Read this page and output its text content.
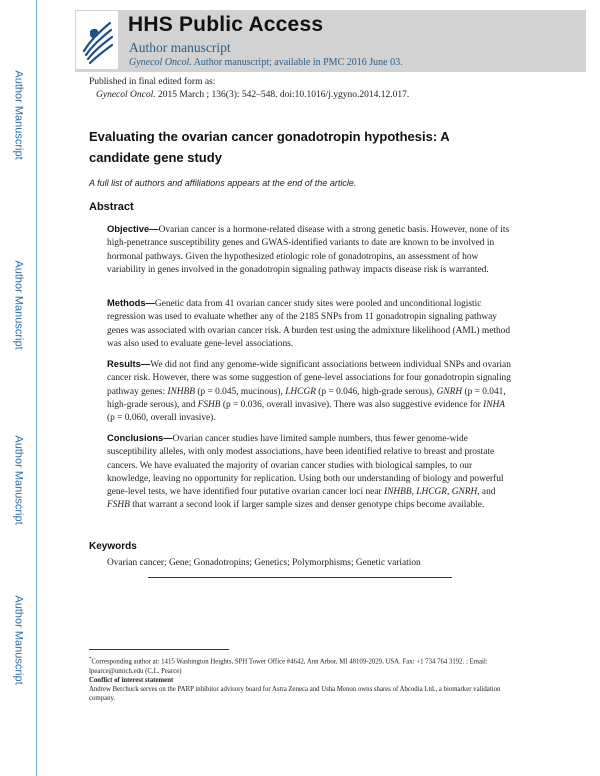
Author Manuscript
Author Manuscript
Author Manuscript
Author Manuscript
HHS Public Access
Author manuscript
Gynecol Oncol. Author manuscript; available in PMC 2016 June 03.
Published in final edited form as:
Gynecol Oncol. 2015 March ; 136(3): 542–548. doi:10.1016/j.ygyno.2014.12.017.
Evaluating the ovarian cancer gonadotropin hypothesis: A candidate gene study
A full list of authors and affiliations appears at the end of the article.
Abstract
Objective—Ovarian cancer is a hormone-related disease with a strong genetic basis. However, none of its high-penetrance susceptibility genes and GWAS-identified variants to date are known to be involved in hormonal pathways. Given the hypothesized etiologic role of gonadotropins, an assessment of how variability in genes involved in the gonadotropin signaling pathway impacts disease risk is warranted.
Methods—Genetic data from 41 ovarian cancer study sites were pooled and unconditional logistic regression was used to evaluate whether any of the 2185 SNPs from 11 gonadotropin signaling pathway genes was associated with ovarian cancer risk. A burden test using the admixture likelihood (AML) method was also used to evaluate gene-level associations.
Results—We did not find any genome-wide significant associations between individual SNPs and ovarian cancer risk. However, there was some suggestion of gene-level associations for four gonadotropin signaling pathway genes: INHBB (p = 0.045, mucinous), LHCGR (p = 0.046, high-grade serous), GNRH (p = 0.041, high-grade serous), and FSHB (p = 0.036, overall invasive). There was also suggestive evidence for INHA (p = 0.060, overall invasive).
Conclusions—Ovarian cancer studies have limited sample numbers, thus fewer genome-wide susceptibility alleles, with only modest associations, have been identified relative to breast and prostate cancers. We have evaluated the majority of ovarian cancer studies with biological samples, to our knowledge, leaving no opportunity for replication. Using both our understanding of biology and powerful gene-level tests, we have identified four putative ovarian cancer loci near INHBB, LHCGR, GNRH, and FSHB that warrant a second look if larger sample sizes and denser genotype chips become available.
Keywords
Ovarian cancer; Gene; Gonadotropins; Genetics; Polymorphisms; Genetic variation
*Corresponding author at: 1415 Washington Heights, SPH Tower Office #4642, Ann Arbor, MI 48109-2029, USA. Fax: +1 734 764 3192. ; Email: lpearce@umich.edu (C.L. Pearce)
Conflict of interest statement
Andrew Berchuck serves on the PARP inhibitor advisory board for Astra Zeneca and Usha Menon owns shares of Abcodia Ltd., a biomarker validation company.
